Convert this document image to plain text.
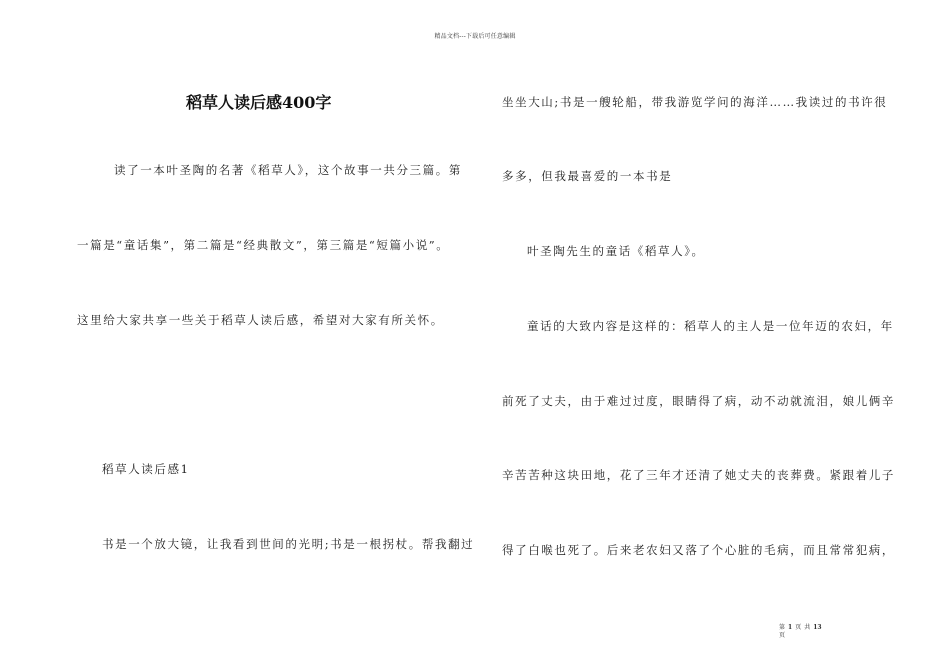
精品文档---下载后可任意编辑
稻草人读后感400字
读了一本叶圣陶的名著《稻草人》，这个故事一共分三篇。第
一篇是“童话集”，第二篇是“经典散文”，第三篇是“短篇小说”。
这里给大家共享一些关于稻草人读后感，希望对大家有所关怀。
稻草人读后感1
书是一个放大镜，让我看到世间的光明;书是一根拐杖。帮我翻过
坐坐大山;书是一艘轮船，带我游览学问的海洋……我读过的书许很
多多，但我最喜爱的一本书是
叶圣陶先生的童话《稻草人》。
童话的大致内容是这样的：稻草人的主人是一位年迈的农妇，年
前死了丈夫，由于难过过度，眼睛得了病，动不动就流泪，娘儿俩辛
辛苦苦种这块田地，花了三年才还清了她丈夫的丧葬费。紧跟着儿子
得了白喉也死了。后来老农妇又落了个心脏的毛病，而且常常犯病，
第 1 页 共 13
页
